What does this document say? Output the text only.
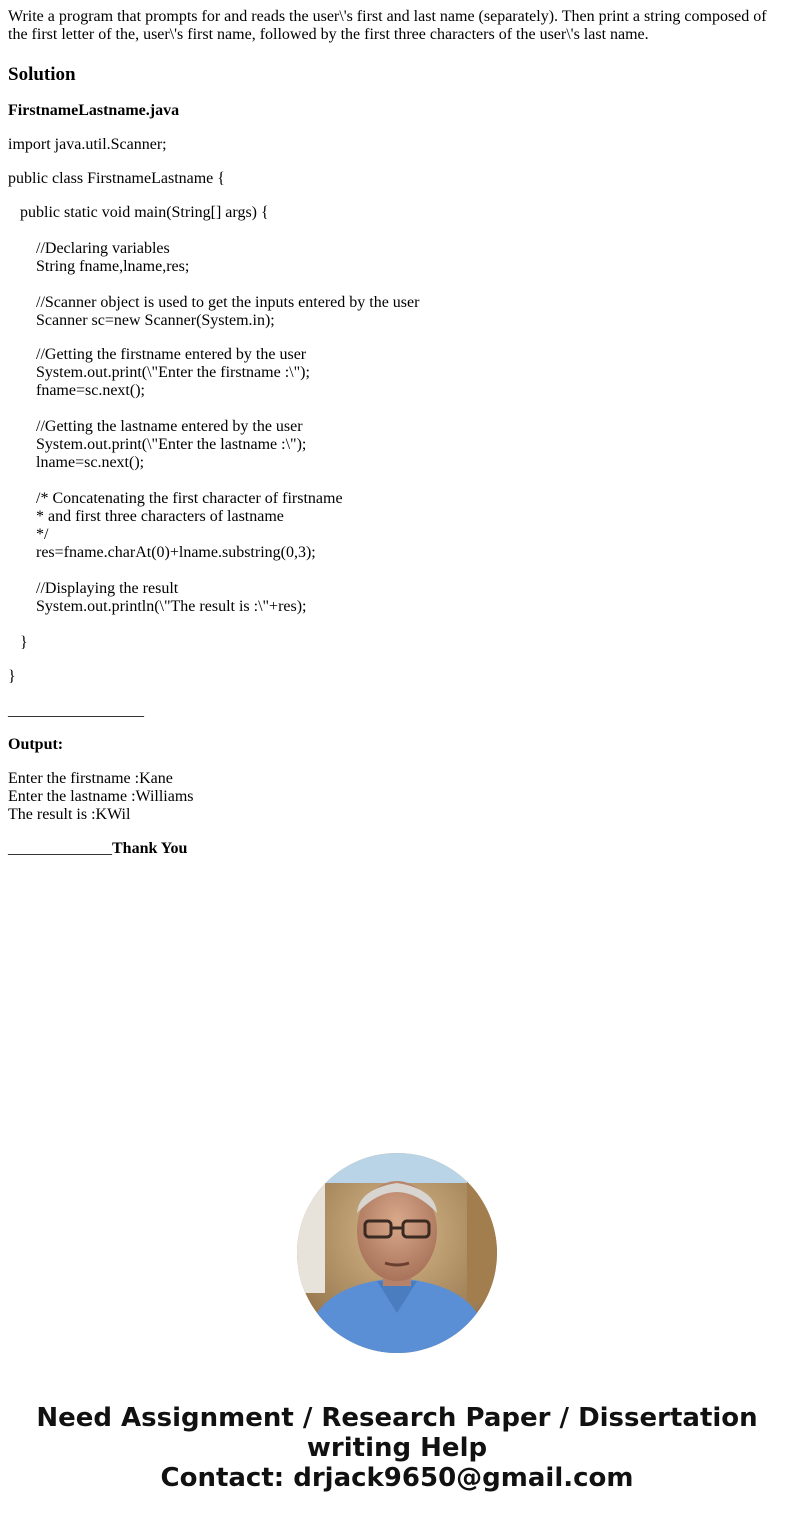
Write a program that prompts for and reads the user\'s first and last name (separately). Then print a string composed of the first letter of the, user\'s first name, followed by the first three characters of the user\'s last name.

Solution

FirstnameLastname.java

import java.util.Scanner;

public class FirstnameLastname {

public static void main(String[] args) {

//Declaring variables
String fname,lname,res;
//Scanner object is used to get the inputs entered by the user
Scanner sc=new Scanner(System.in);
//Getting the firstname entered by the user
System.out.print(\"Enter the firstname :\");
fname=sc.next();
//Getting the lastname entered by the user
System.out.print(\"Enter the lastname :\");
lname=sc.next();
/* Concatenating the first character of firstname
* and first three characters of lastname
*/
res=fname.charAt(0)+lname.substring(0,3);
//Displaying the result
System.out.println(\"The result is :\"+res);

}

}

_________________

Output:

Enter the firstname :Kane
Enter the lastname :Williams
The result is :KWil

_____________Thank You

Need Assignment / Research Paper / Dissertation
writing Help
Contact: drjack9650@gmail.com
